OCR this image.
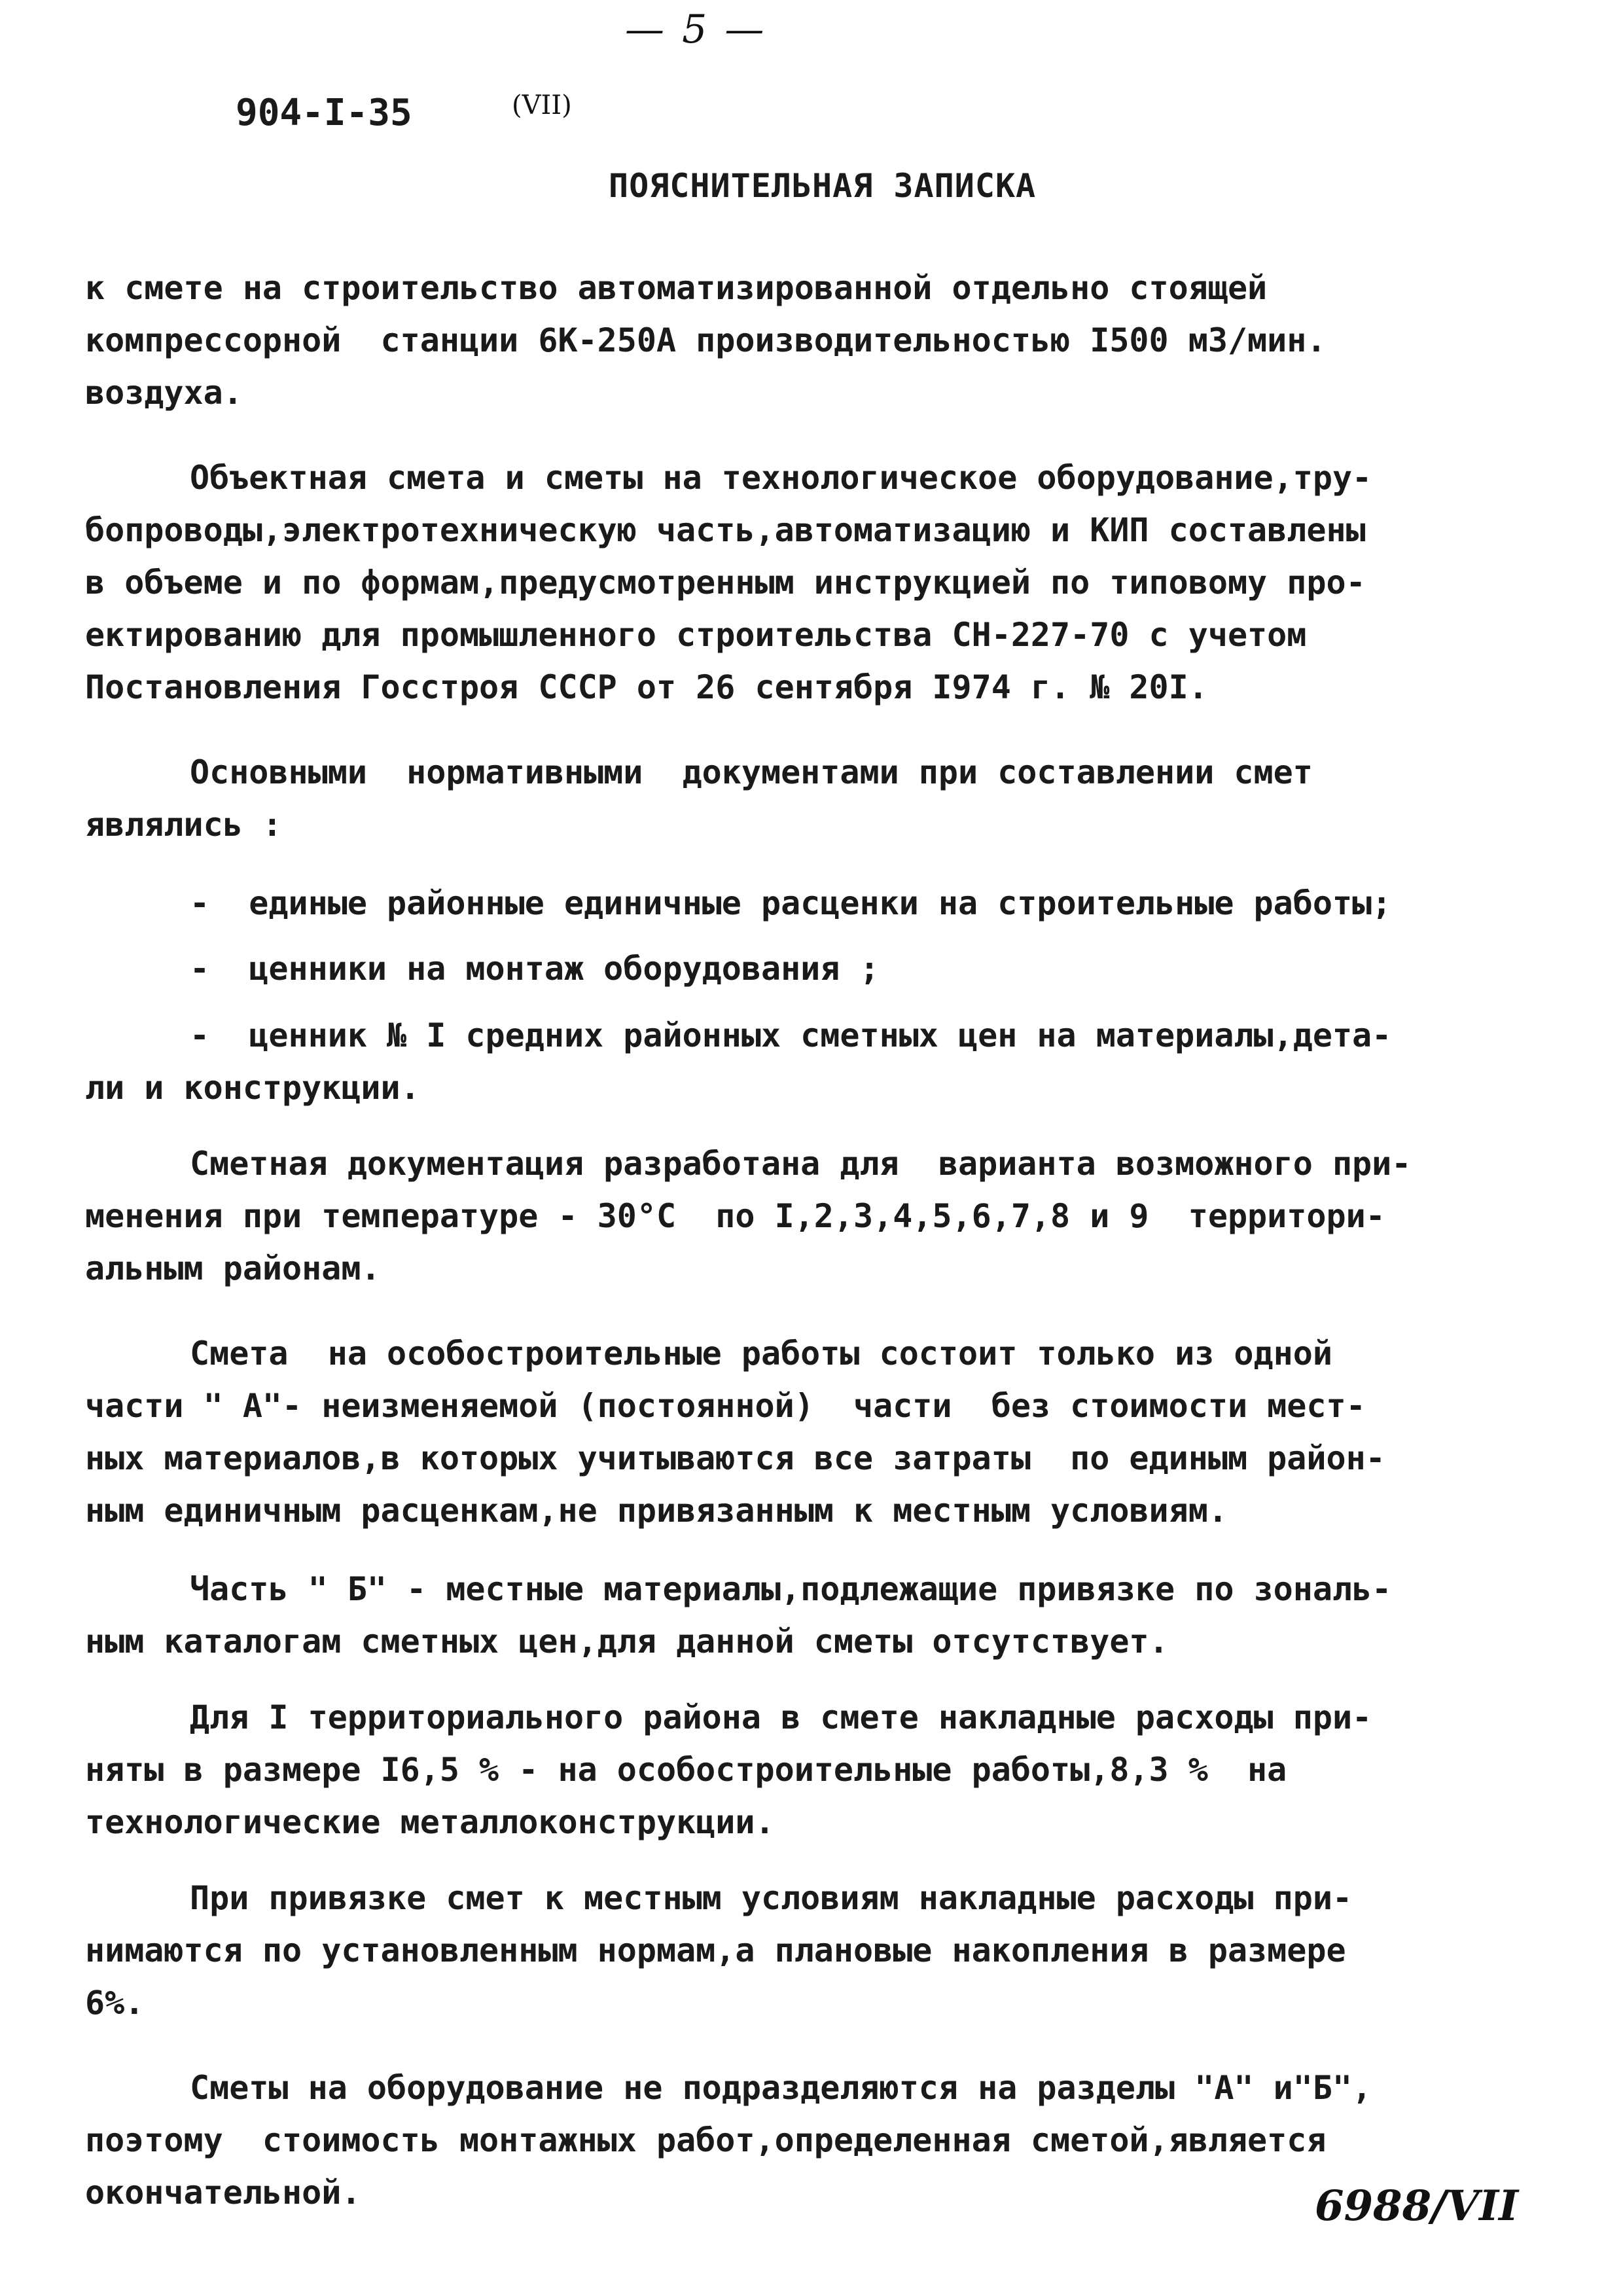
— 5 —
904-I-35	(VII)
ПОЯСНИТЕЛЬНАЯ ЗАПИСКА
к смете на строительство автоматизированной отдельно стоящей
компрессорной  станции 6К-250А производительностью I500 м3/мин.
воздуха.
Объектная смета и сметы на технологическое оборудование,тру-
бопроводы,электротехническую часть,автоматизацию и КИП составлены
в объеме и по формам,предусмотренным инструкцией по типовому про-
ектированию для промышленного строительства СН-227-70 с учетом
Постановления Госстроя СССР от 26 сентября I974 г. № 20I.
Основными  нормативными  документами при составлении смет
являлись :
-  единые районные единичные расценки на строительные работы;
-  ценники на монтаж оборудования ;
-  ценник № I средних районных сметных цен на материалы,дета-
ли и конструкции.
Сметная документация разработана для  варианта возможного при-
менения при температуре - 30°С  по I,2,3,4,5,6,7,8 и 9  территори-
альным районам.
Смета  на особостроительные работы состоит только из одной
части " А"- неизменяемой (постоянной)  части  без стоимости мест-
ных материалов,в которых учитываются все затраты  по единым район-
ным единичным расценкам,не привязанным к местным условиям.
Часть " Б" - местные материалы,подлежащие привязке по зональ-
ным каталогам сметных цен,для данной сметы отсутствует.
Для I территориального района в смете накладные расходы при-
няты в размере I6,5 % - на особостроительные работы,8,3 %  на
технологические металлоконструкции.
При привязке смет к местным условиям накладные расходы при-
нимаются по установленным нормам,а плановые накопления в размере
6%.
Сметы на оборудование не подразделяются на разделы "А" и"Б",
поэтому  стоимость монтажных работ,определенная сметой,является
окончательной.	6988/VII
